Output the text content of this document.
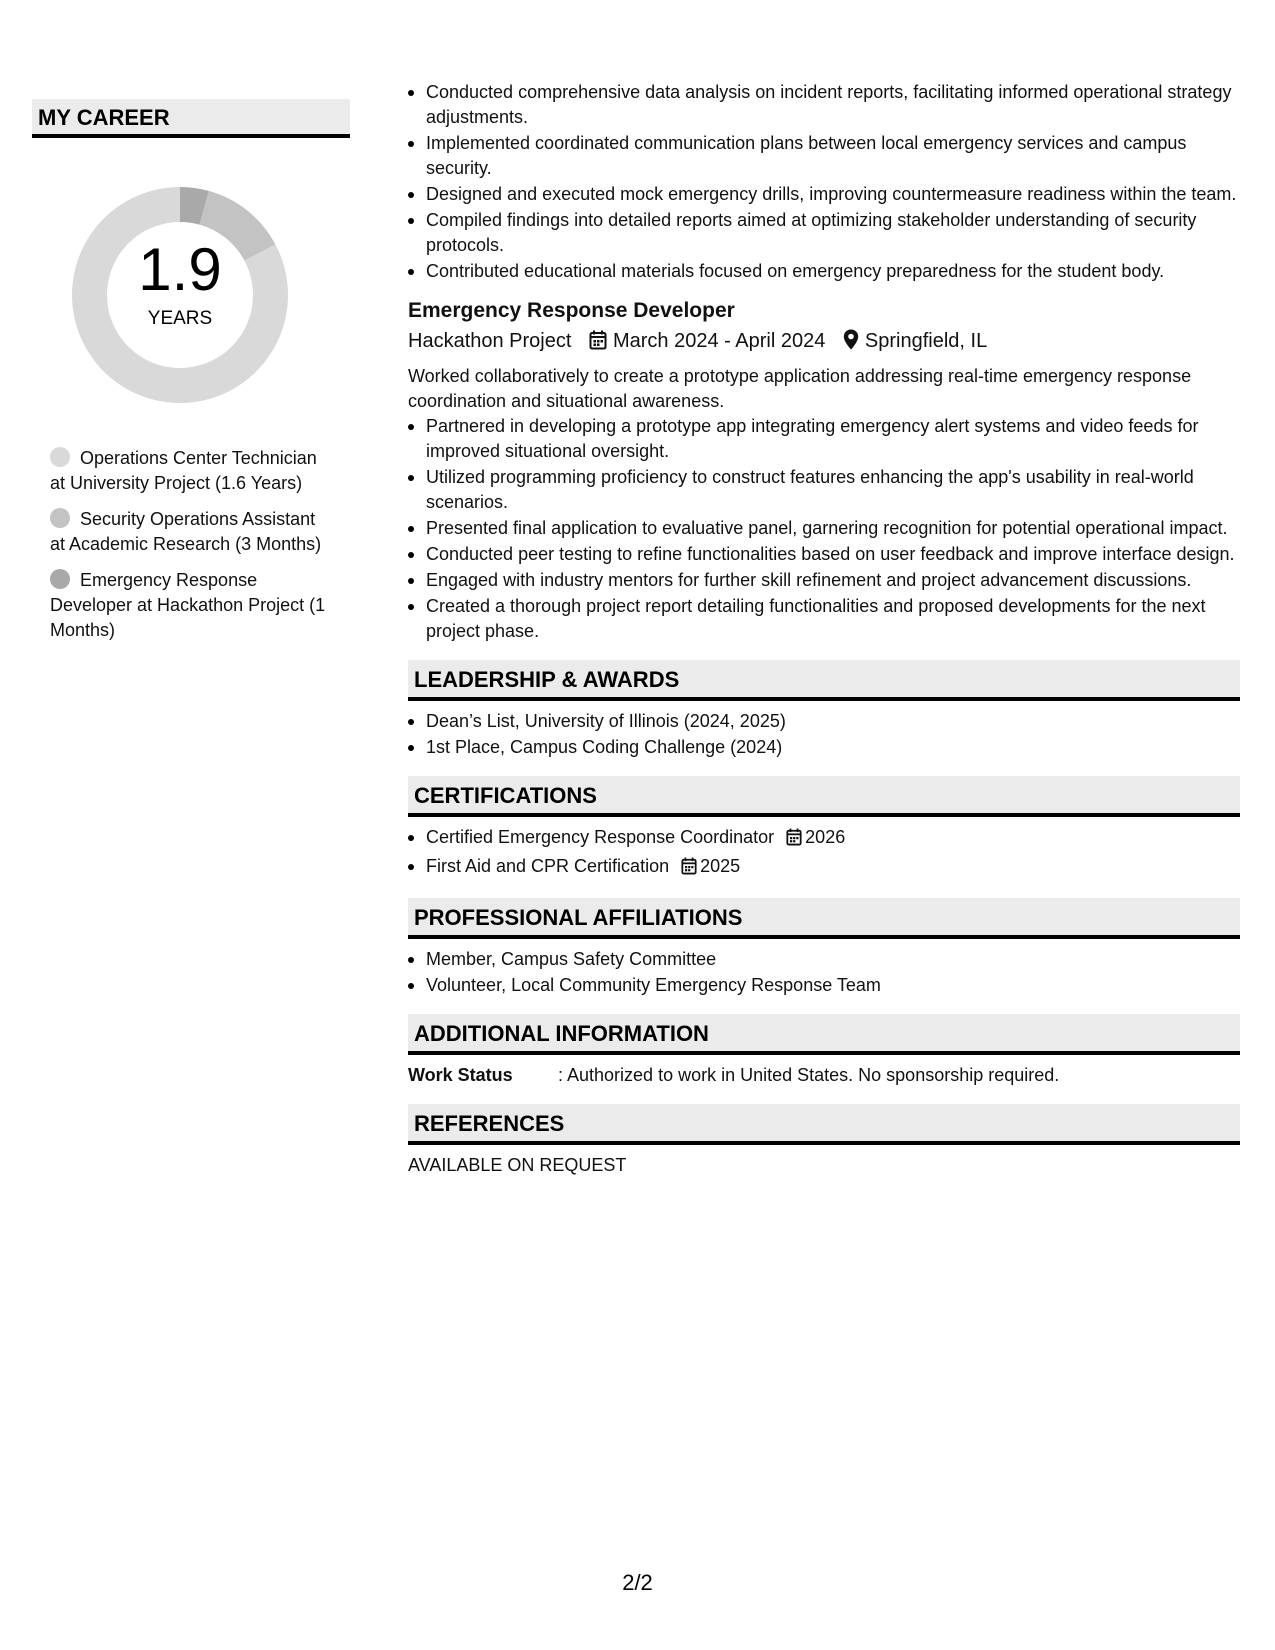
MY CAREER
1.9
YEARS
Operations Center Technician at University Project (1.6 Years)
Security Operations Assistant at Academic Research (3 Months)
Emergency Response Developer at Hackathon Project (1 Months)
Conducted comprehensive data analysis on incident reports, facilitating informed operational strategy adjustments.
Implemented coordinated communication plans between local emergency services and campus security.
Designed and executed mock emergency drills, improving countermeasure readiness within the team.
Compiled findings into detailed reports aimed at optimizing stakeholder understanding of security protocols.
Contributed educational materials focused on emergency preparedness for the student body.
Emergency Response Developer
Hackathon Project March 2024 - April 2024 Springfield, IL
Worked collaboratively to create a prototype application addressing real-time emergency response coordination and situational awareness.
Partnered in developing a prototype app integrating emergency alert systems and video feeds for improved situational oversight.
Utilized programming proficiency to construct features enhancing the app's usability in real-world scenarios.
Presented final application to evaluative panel, garnering recognition for potential operational impact.
Conducted peer testing to refine functionalities based on user feedback and improve interface design.
Engaged with industry mentors for further skill refinement and project advancement discussions.
Created a thorough project report detailing functionalities and proposed developments for the next project phase.
LEADERSHIP & AWARDS
Dean’s List, University of Illinois (2024, 2025)
1st Place, Campus Coding Challenge (2024)
CERTIFICATIONS
Certified Emergency Response Coordinator 2026
First Aid and CPR Certification 2025
PROFESSIONAL AFFILIATIONS
Member, Campus Safety Committee
Volunteer, Local Community Emergency Response Team
ADDITIONAL INFORMATION
Work Status	: Authorized to work in United States. No sponsorship required.
REFERENCES
AVAILABLE ON REQUEST
2/2
